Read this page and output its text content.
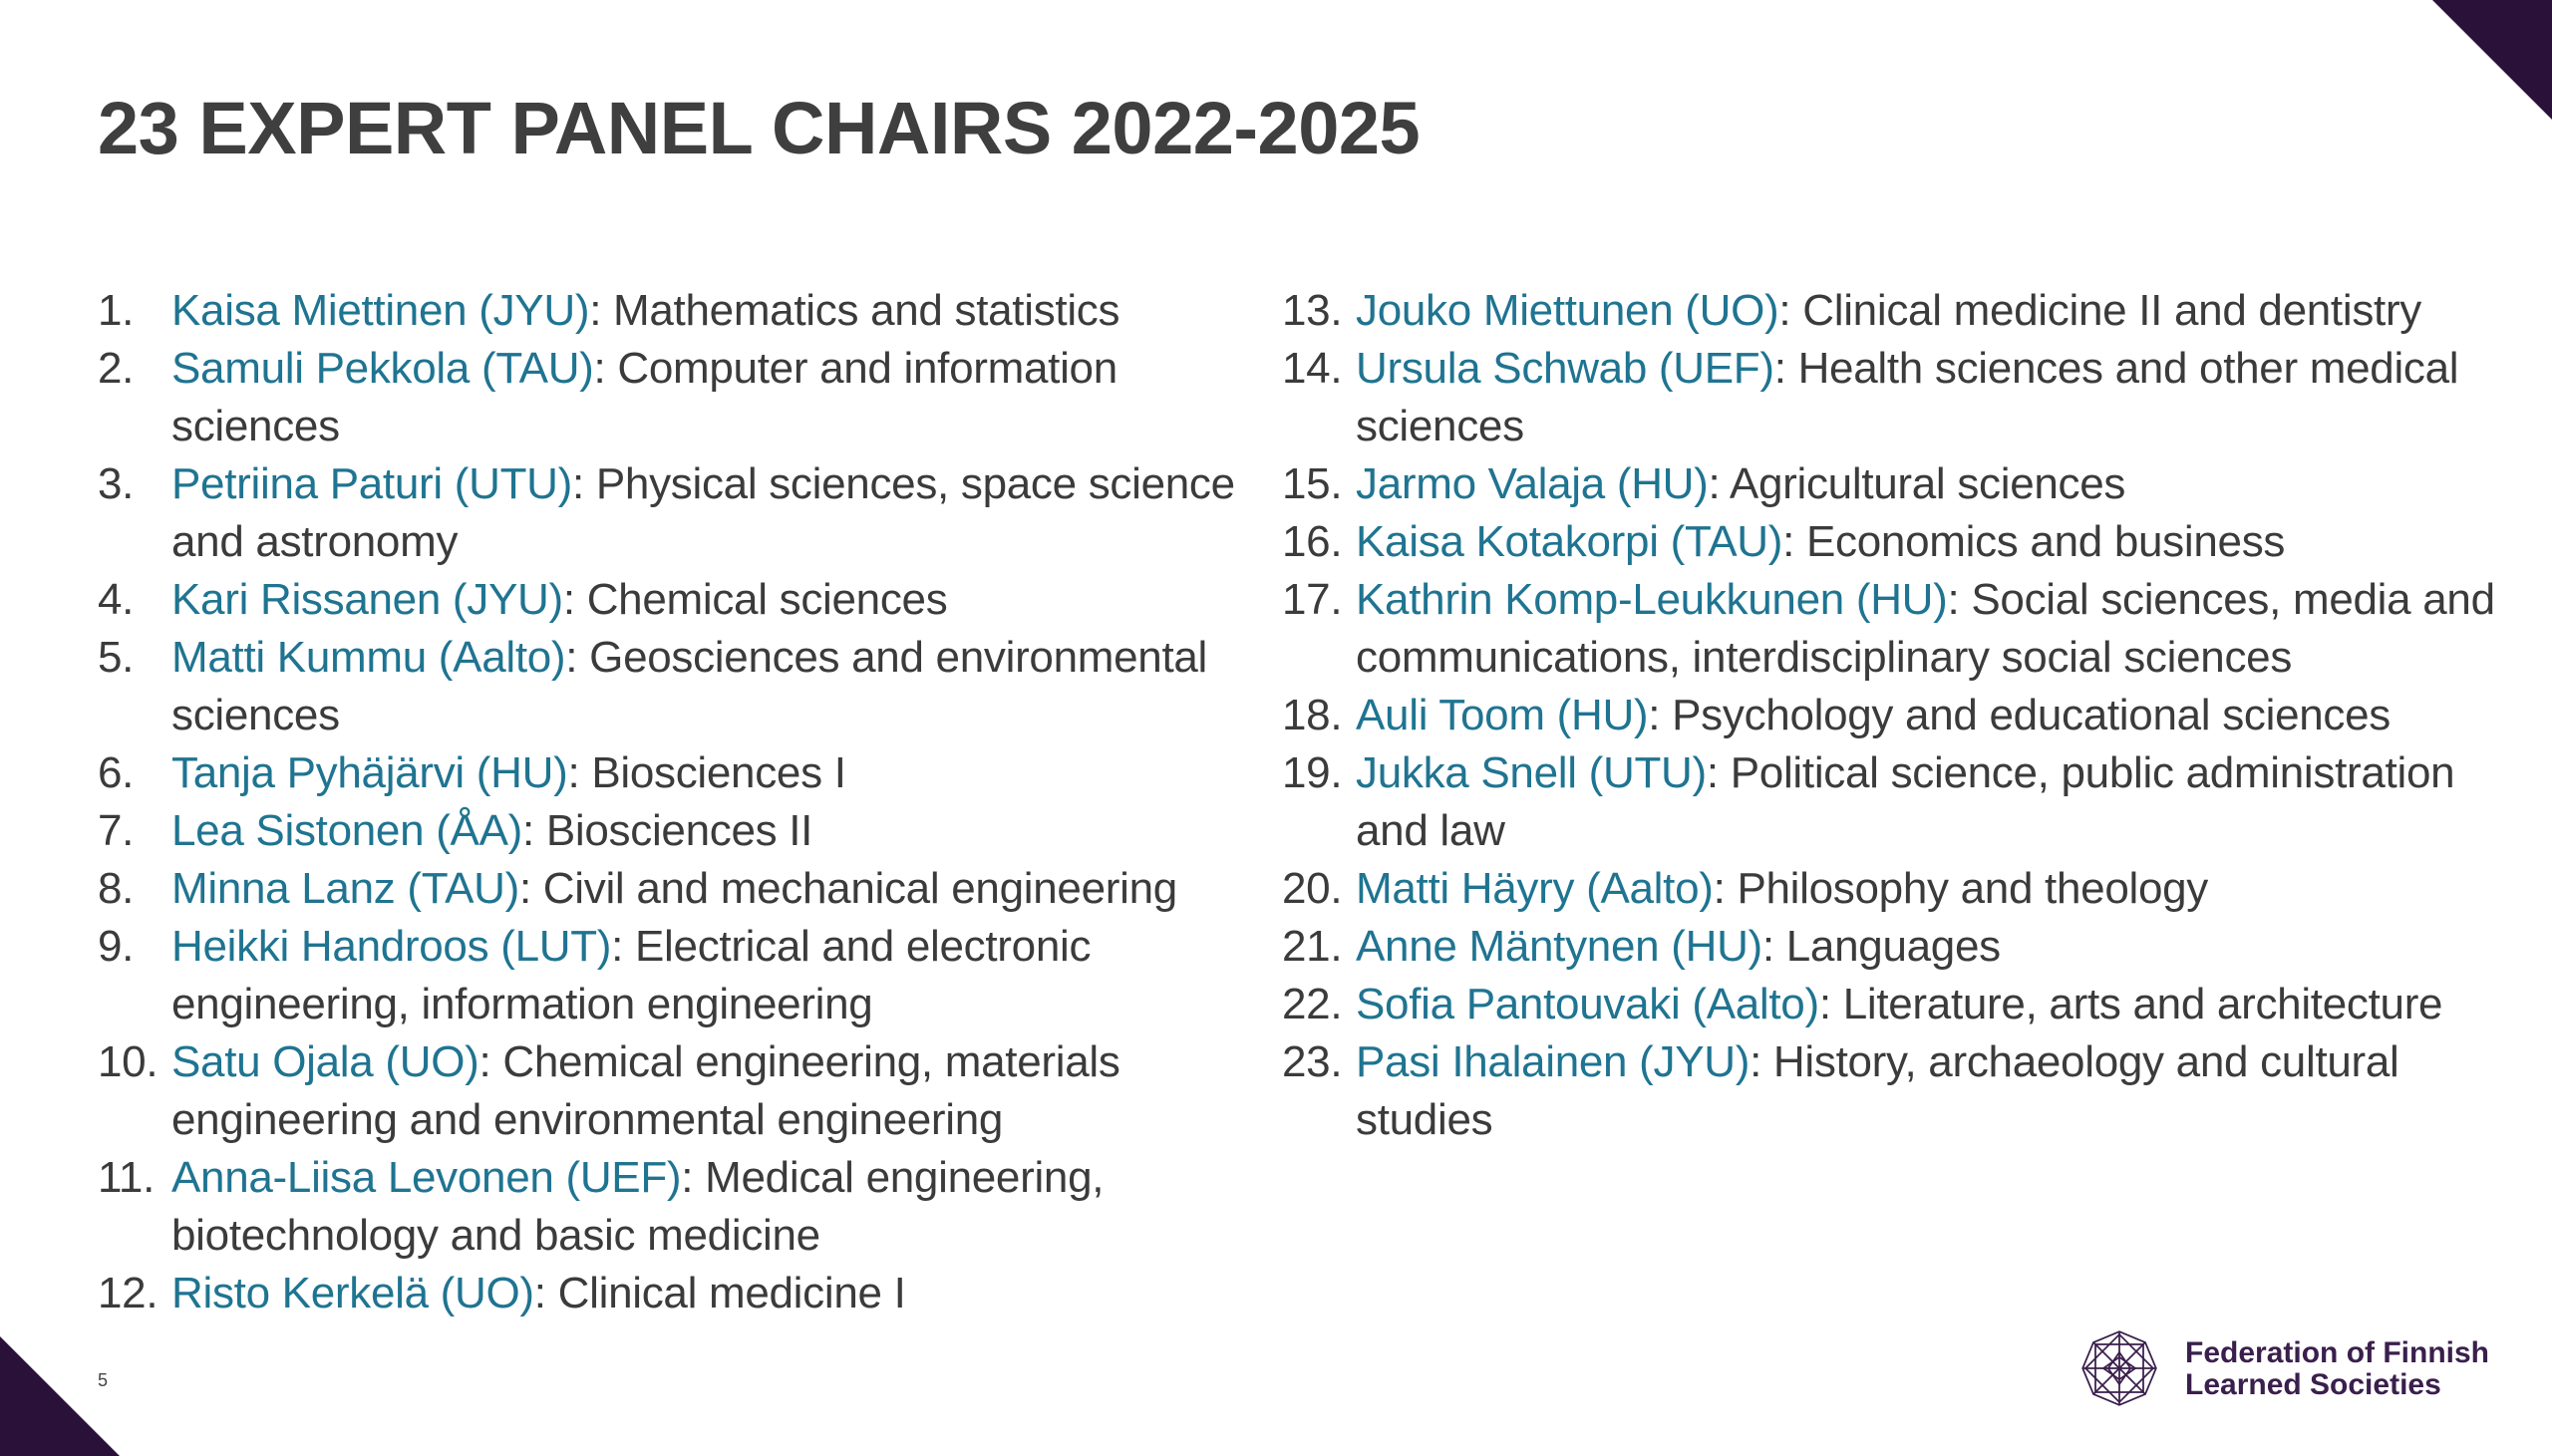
23 EXPERT PANEL CHAIRS 2022-2025
1. Kaisa Miettinen (JYU): Mathematics and statistics
2. Samuli Pekkola (TAU): Computer and information sciences
3. Petriina Paturi (UTU): Physical sciences, space science and astronomy
4. Kari Rissanen (JYU): Chemical sciences
5. Matti Kummu (Aalto): Geosciences and environmental sciences
6. Tanja Pyhäjärvi (HU): Biosciences I
7. Lea Sistonen (ÅA): Biosciences II
8. Minna Lanz (TAU): Civil and mechanical engineering
9. Heikki Handroos (LUT): Electrical and electronic engineering, information engineering
10. Satu Ojala (UO): Chemical engineering, materials engineering and environmental engineering
11. Anna-Liisa Levonen (UEF): Medical engineering, biotechnology and basic medicine
12. Risto Kerkelä (UO): Clinical medicine I
13. Jouko Miettunen (UO): Clinical medicine II and dentistry
14. Ursula Schwab (UEF): Health sciences and other medical sciences
15. Jarmo Valaja (HU): Agricultural sciences
16. Kaisa Kotakorpi (TAU): Economics and business
17. Kathrin Komp-Leukkunen (HU): Social sciences, media and communications, interdisciplinary social sciences
18. Auli Toom (HU): Psychology and educational sciences
19. Jukka Snell (UTU): Political science, public administration and law
20. Matti Häyry (Aalto): Philosophy and theology
21. Anne Mäntynen (HU): Languages
22. Sofia Pantouvaki (Aalto): Literature, arts and architecture
23. Pasi Ihalainen (JYU): History, archaeology and cultural studies
5
Federation of Finnish
Learned Societies
